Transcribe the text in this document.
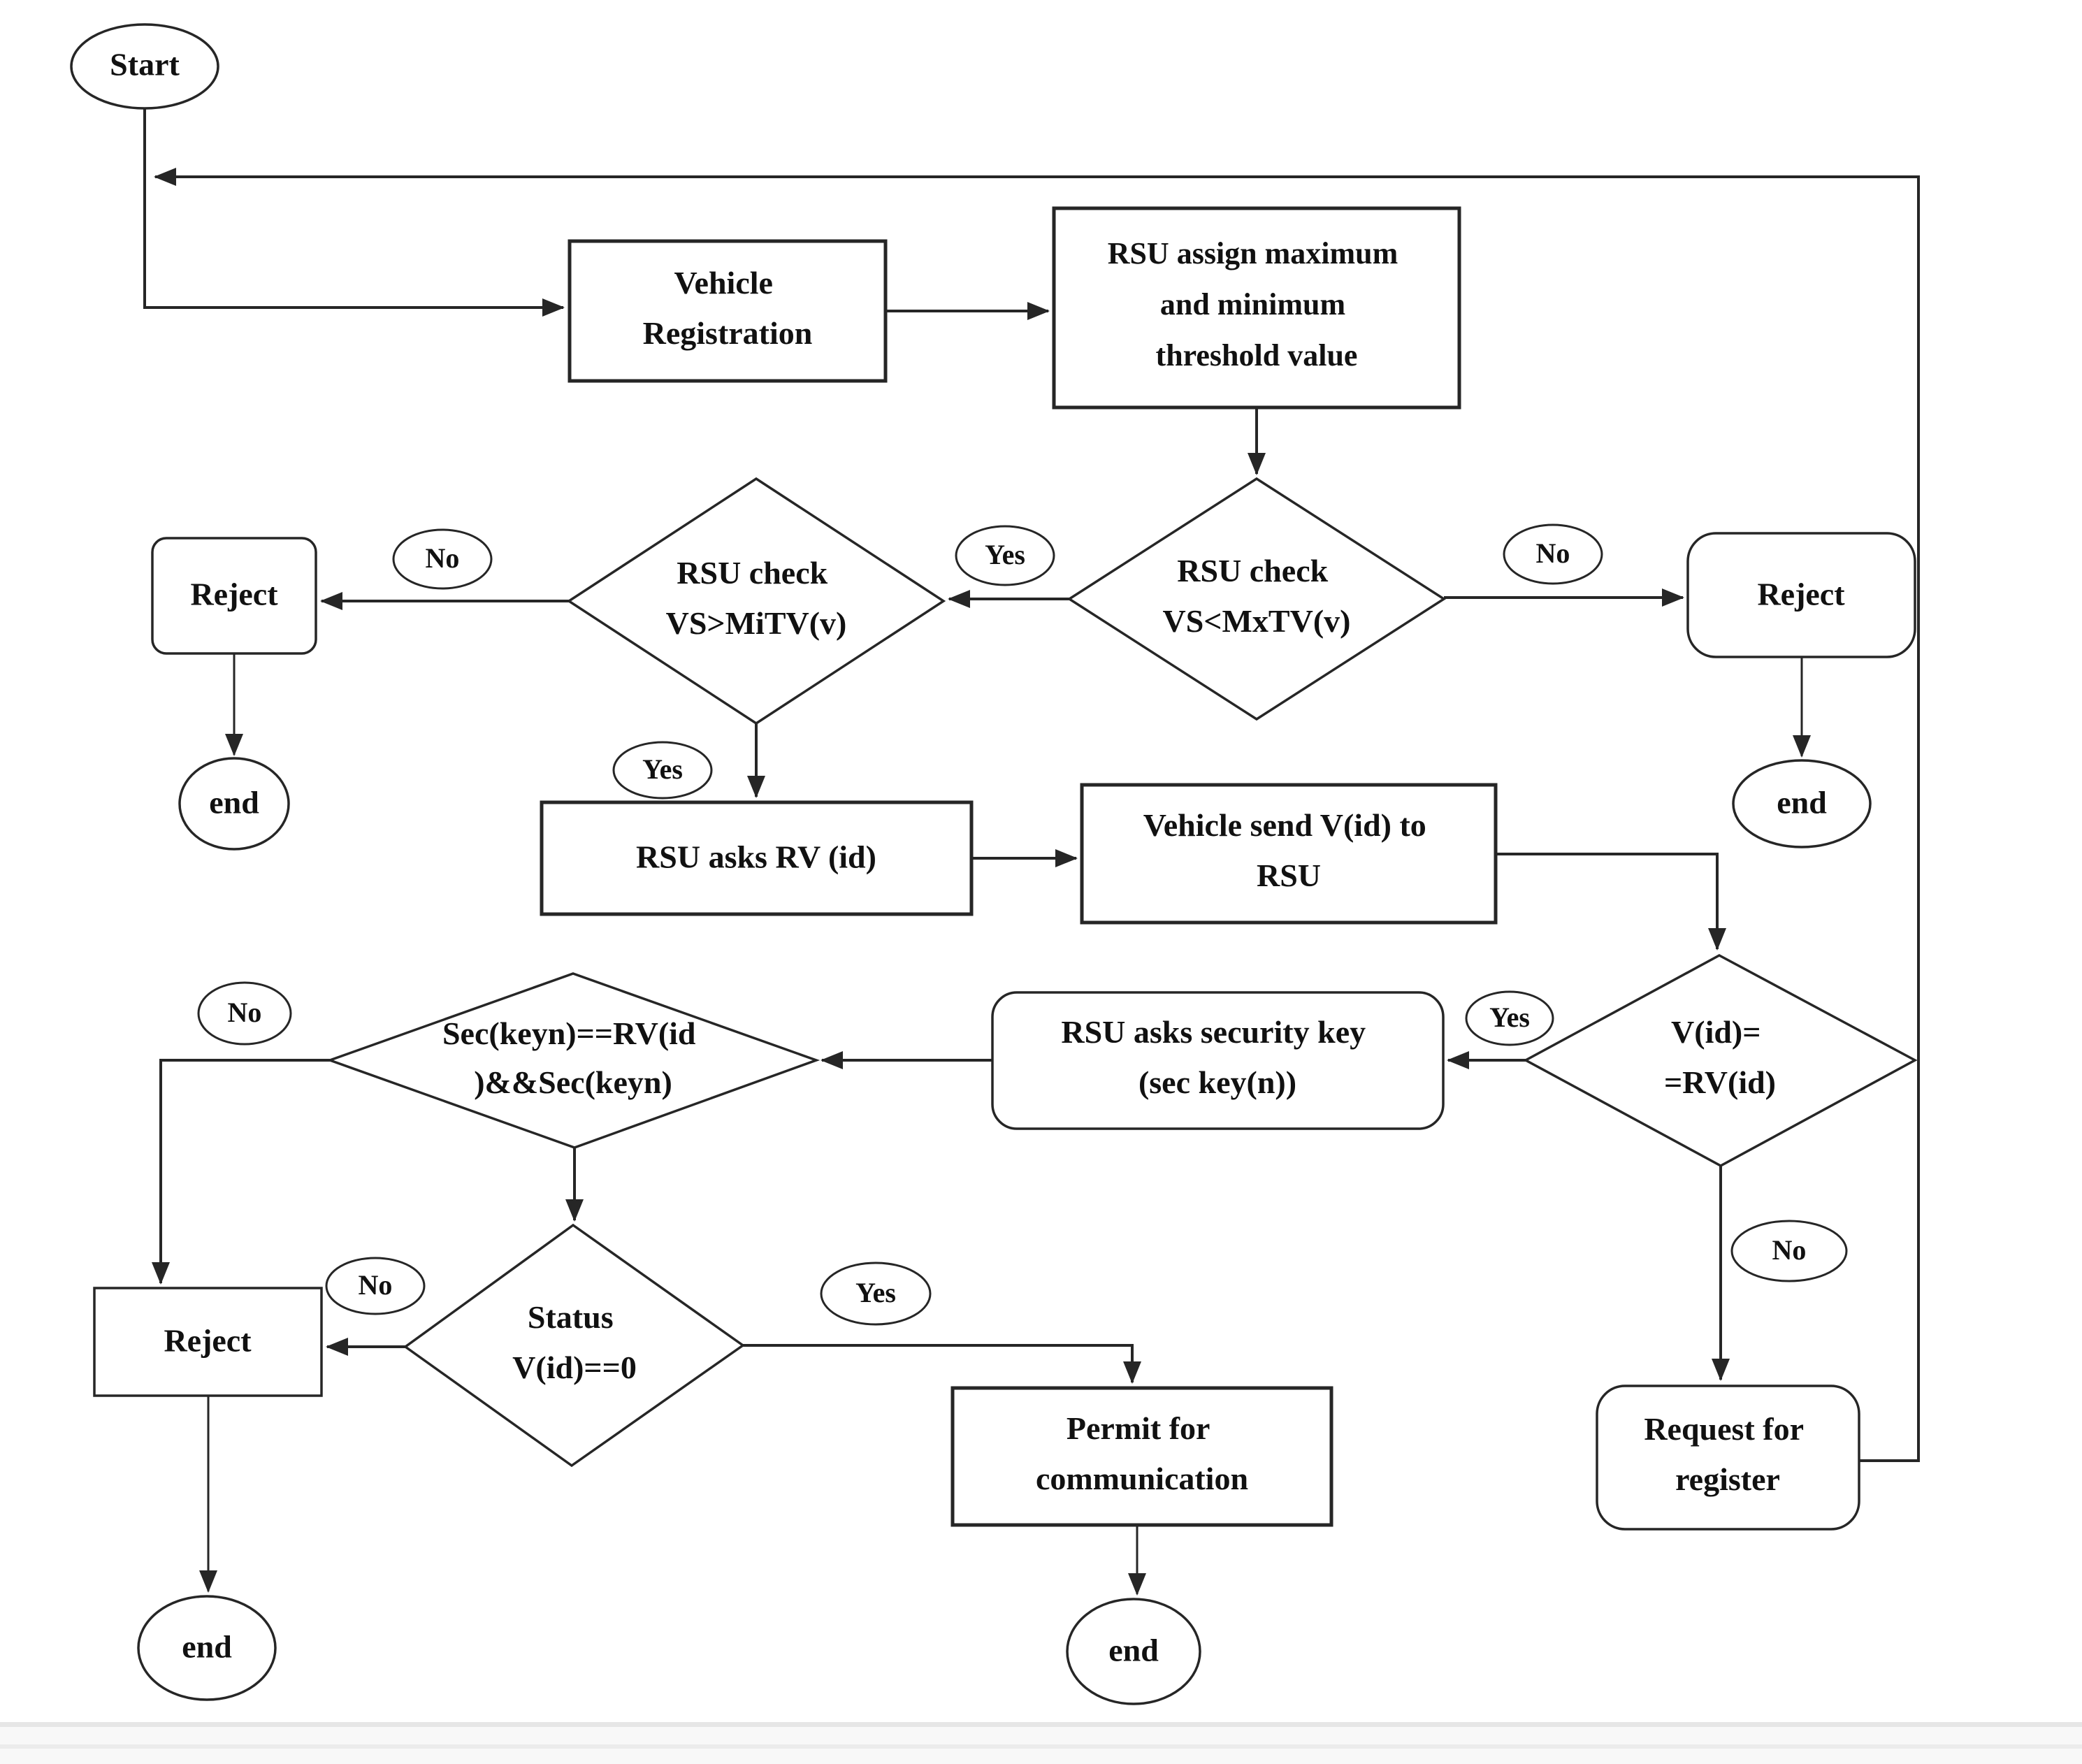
Start
Vehicle Registration
RSU assign maximum and minimum threshold value
RSU check VS<MxTV(v)
RSU check VS>MiTV(v)
Reject
end
Reject
end
RSU asks RV (id)
Vehicle send V(id) to RSU
V(id)= =RV(id)
RSU asks security key (sec key(n))
Sec(keyn)==RV(id )&&Sec(keyn)
Status V(id)==0
Reject
end
Permit for communication
end
Request for register
No	Yes	No
Yes
Yes
No
No
No	Yes
